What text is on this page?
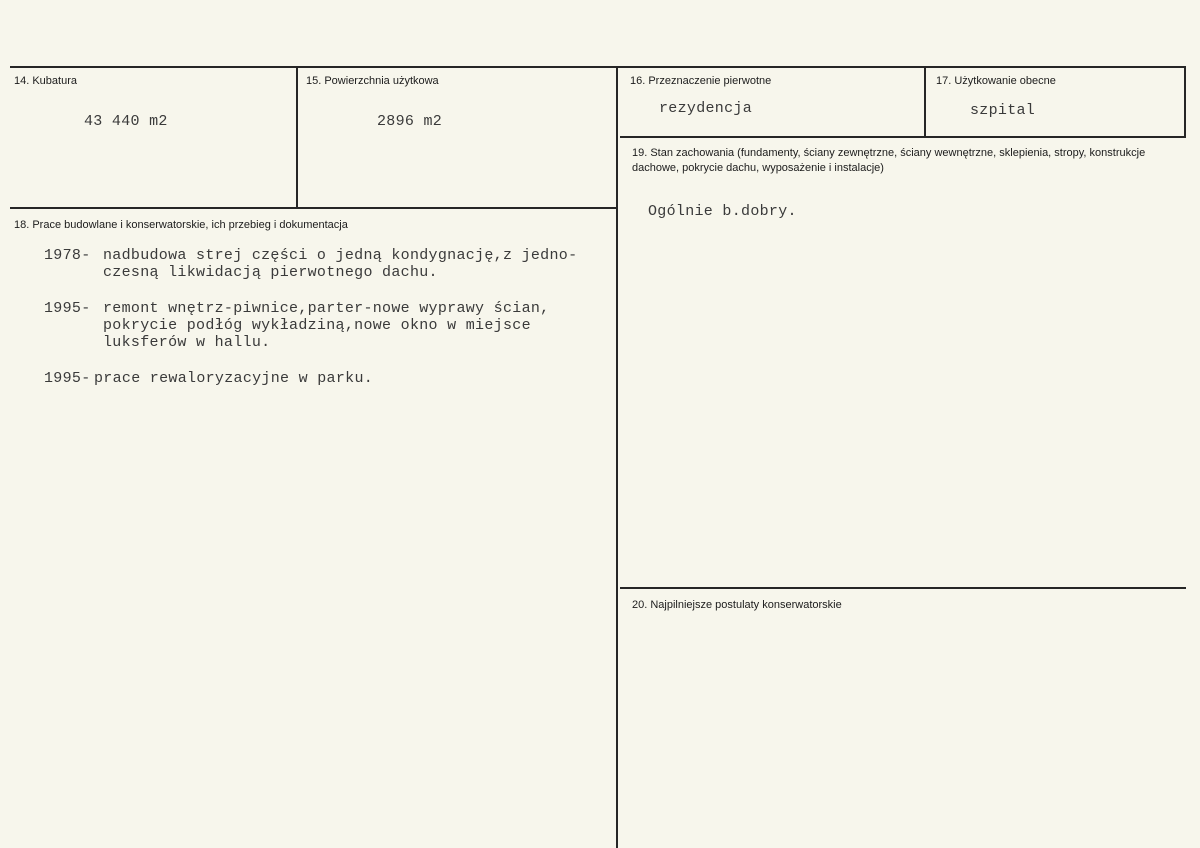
14. Kubatura
43 440 m2
15. Powierzchnia użytkowa
2896 m2
16. Przeznaczenie pierwotne
rezydencja
17. Użytkowanie obecne
szpital
18. Prace budowlane i konserwatorskie, ich przebieg i dokumentacja
1978- nadbudowa strej części o jedną kondygnację,z jedno-
czesną likwidacją pierwotnego dachu.
1995- remont wnętrz-piwnice,parter-nowe wyprawy ścian,
pokrycie podłóg wykładziną,nowe okno w miejsce
luksferów w hallu.
1995- prace rewaloryzacyjne w parku.
19. Stan zachowania (fundamenty, ściany zewnętrzne, ściany wewnętrzne, sklepienia, stropy, konstrukcje dachowe, pokrycie dachu, wyposażenie i instalacje)
Ogólnie b.dobry.
20. Najpilniejsze postulaty konserwatorskie
